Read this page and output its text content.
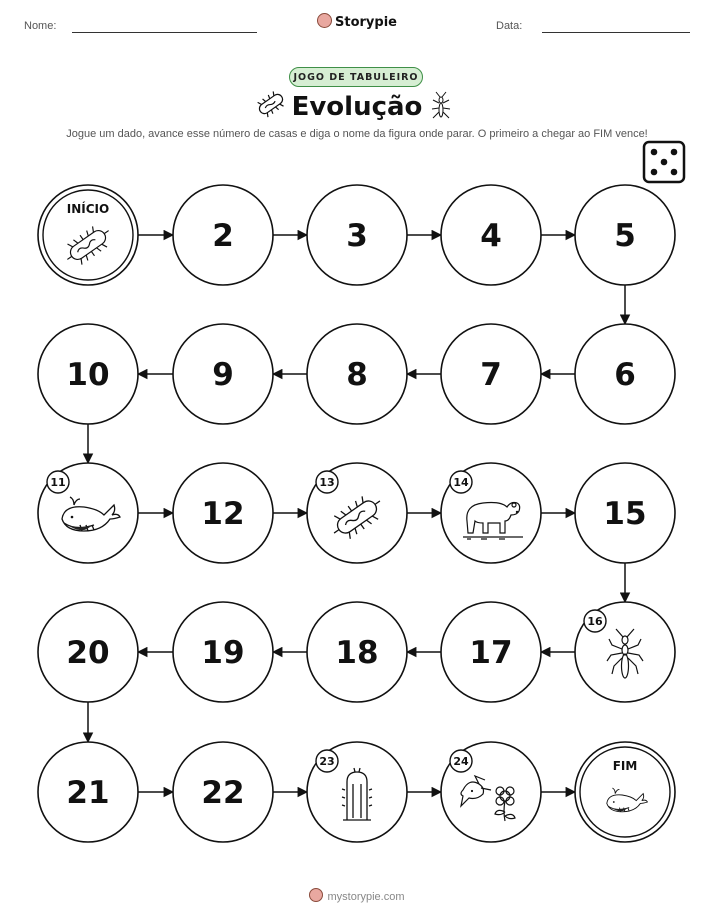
Nome:	Storypie	Data:
JOGO DE TABULEIRO
Evolução
Jogue um dado, avance esse número de casas e diga o nome da figura onde parar. O primeiro a chegar ao FIM vence!
INÍCIO
2	3	4	5
6
7
8
9
10
11
12
13	14
15
16
17
18
19
20
21	22
23	24	FIM
mystorypie.com
